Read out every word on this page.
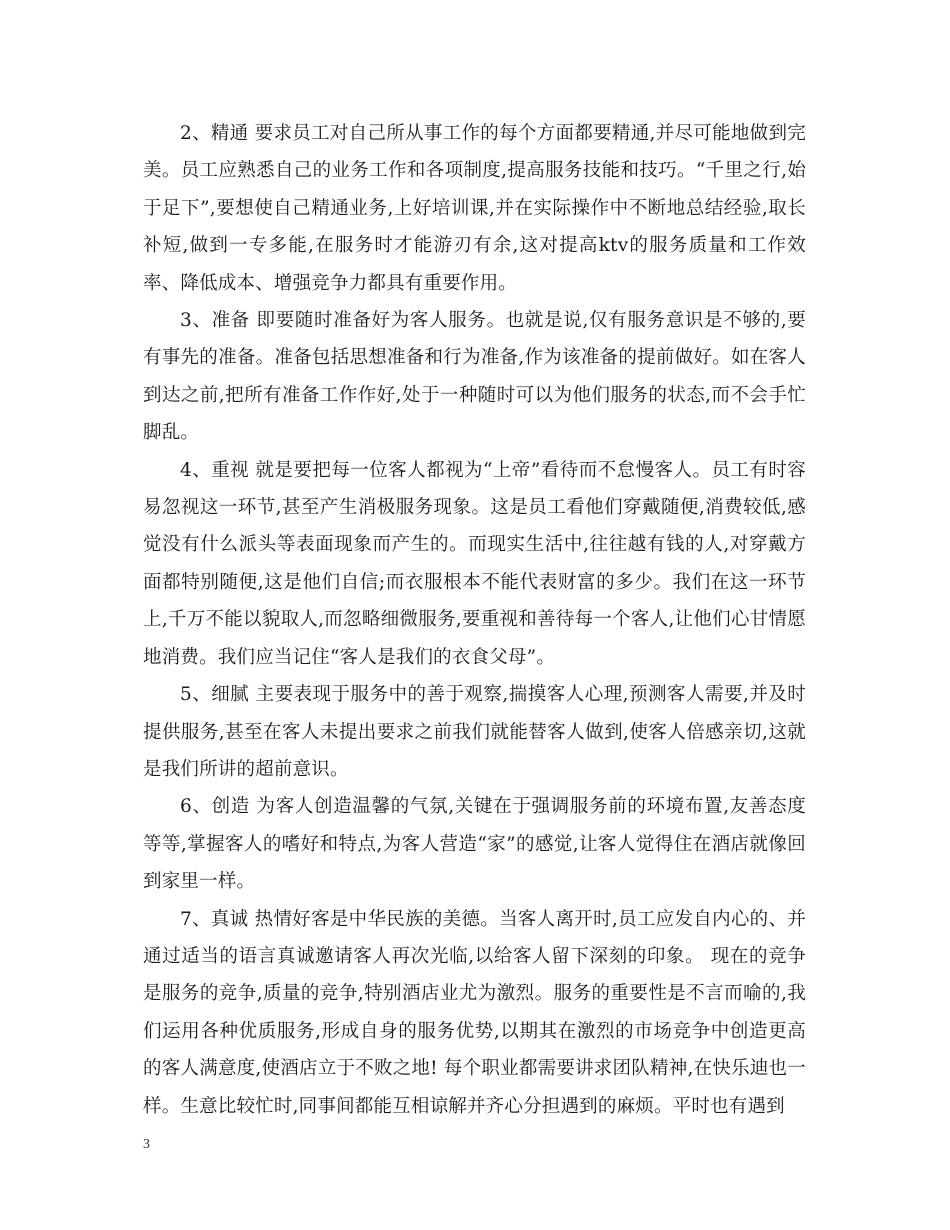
2、精通 要求员工对自己所从事工作的每个方面都要精通,并尽可能地做到完美。员工应熟悉自己的业务工作和各项制度,提高服务技能和技巧。“千里之行,始于足下”,要想使自己精通业务,上好培训课,并在实际操作中不断地总结经验,取长补短,做到一专多能,在服务时才能游刃有余,这对提高ktv的服务质量和工作效率、降低成本、增强竞争力都具有重要作用。

3、准备 即要随时准备好为客人服务。也就是说,仅有服务意识是不够的,要有事先的准备。准备包括思想准备和行为准备,作为该准备的提前做好。如在客人到达之前,把所有准备工作作好,处于一种随时可以为他们服务的状态,而不会手忙脚乱。

4、重视 就是要把每一位客人都视为“上帝”看待而不怠慢客人。员工有时容易忽视这一环节,甚至产生消极服务现象。这是员工看他们穿戴随便,消费较低,感觉没有什么派头等表面现象而产生的。而现实生活中,往往越有钱的人,对穿戴方面都特别随便,这是他们自信;而衣服根本不能代表财富的多少。我们在这一环节上,千万不能以貌取人,而忽略细微服务,要重视和善待每一个客人,让他们心甘情愿地消费。我们应当记住“客人是我们的衣食父母”。

5、细腻 主要表现于服务中的善于观察,揣摸客人心理,预测客人需要,并及时提供服务,甚至在客人未提出要求之前我们就能替客人做到,使客人倍感亲切,这就是我们所讲的超前意识。

6、创造 为客人创造温馨的气氛,关键在于强调服务前的环境布置,友善态度等等,掌握客人的嗜好和特点,为客人营造“家”的感觉,让客人觉得住在酒店就像回到家里一样。

7、真诚 热情好客是中华民族的美德。当客人离开时,员工应发自内心的、并通过适当的语言真诚邀请客人再次光临,以给客人留下深刻的印象。 现在的竞争是服务的竞争,质量的竞争,特别酒店业尤为激烈。服务的重要性是不言而喻的,我们运用各种优质服务,形成自身的服务优势,以期其在激烈的市场竞争中创造更高的客人满意度,使酒店立于不败之地! 每个职业都需要讲求团队精神,在快乐迪也一样。生意比较忙时,同事间都能互相谅解并齐心分担遇到的麻烦。平时也有遇到

3
